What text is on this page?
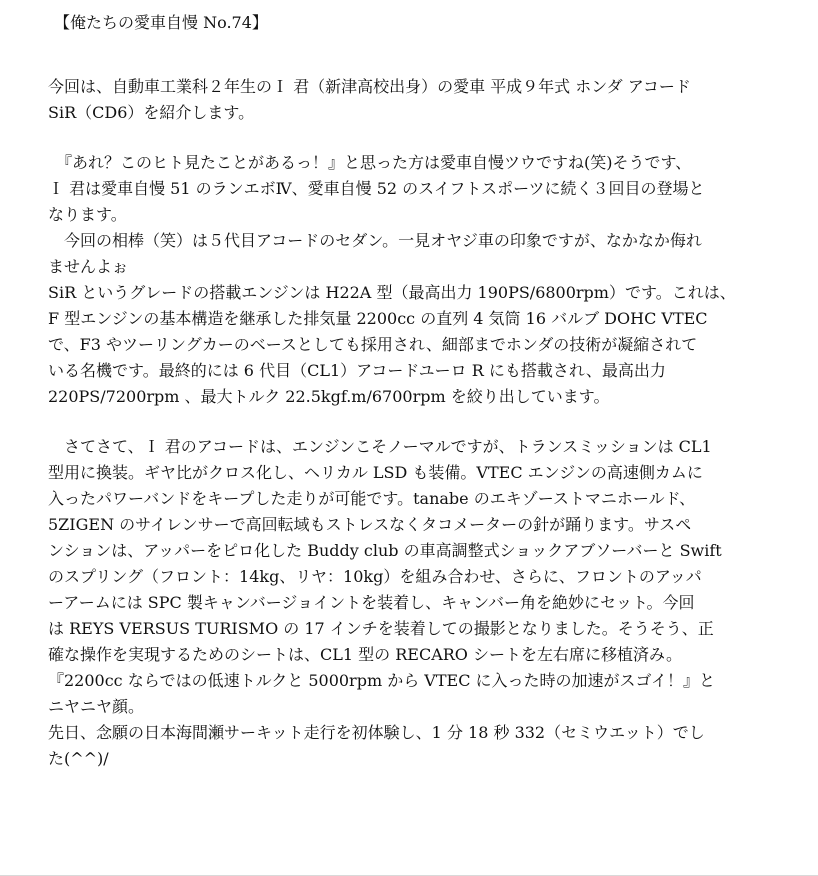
【俺たちの愛車自慢 No.74】
今回は、自動車工業科２年生のＩ 君（新津高校出身）の愛車 平成９年式 ホンダ アコード
SiR（CD6）を紹介します。
　『あれ？このヒト見たことがあるっ！』と思った方は愛車自慢ツウですね(笑)そうです、
Ｉ 君は愛車自慢 51 のランエボⅣ、愛車自慢 52 のスイフトスポーツに続く３回目の登場と
なります。
　今回の相棒（笑）は５代目アコードのセダン。一見オヤジ車の印象ですが、なかなか侮れ
ませんよぉ
SiR というグレードの搭載エンジンは H22A 型（最高出力 190PS/6800rpm）です。これは、
F 型エンジンの基本構造を継承した排気量 2200cc の直列 4 気筒 16 バルブ DOHC VTEC
で、F3 やツーリングカーのベースとしても採用され、細部までホンダの技術が凝縮されて
いる名機です。最終的には 6 代目（CL1）アコードユーロ R にも搭載され、最高出力
220PS/7200rpm 、最大トルク 22.5kgf.m/6700rpm を絞り出しています。
　さてさて、Ｉ 君のアコードは、エンジンこそノーマルですが、トランスミッションは CL1
型用に換装。ギヤ比がクロス化し、ヘリカル LSD も装備。VTEC エンジンの高速側カムに
入ったパワーバンドをキープした走りが可能です。tanabe のエキゾーストマニホールド、
5ZIGEN のサイレンサーで高回転域もストレスなくタコメーターの針が踊ります。サスペ
ンションは、アッパーをピロ化した Buddy club の車高調整式ショックアブソーバーと Swift
のスプリング（フロント：14kg、リヤ：10kg）を組み合わせ、さらに、フロントのアッパ
ーアームには SPC 製キャンバージョイントを装着し、キャンバー角を絶妙にセット。今回
は REYS VERSUS TURISMO の 17 インチを装着しての撮影となりました。そうそう、正
確な操作を実現するためのシートは、CL1 型の RECARO シートを左右席に移植済み。
『2200cc ならではの低速トルクと 5000rpm から VTEC に入った時の加速がスゴイ！』と
ニヤニヤ顔。
先日、念願の日本海間瀬サーキット走行を初体験し、1 分 18 秒 332（セミウエット）でし
た(^^)/
